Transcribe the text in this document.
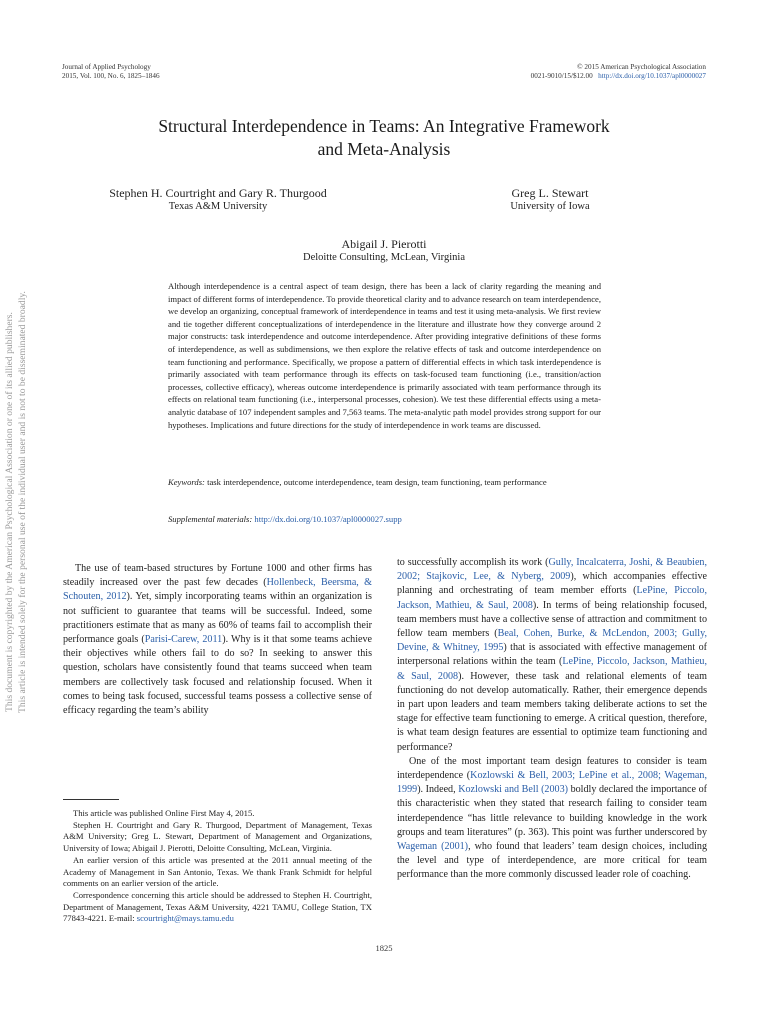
Journal of Applied Psychology
2015, Vol. 100, No. 6, 1825–1846
© 2015 American Psychological Association
0021-9010/15/$12.00 http://dx.doi.org/10.1037/apl0000027
Structural Interdependence in Teams: An Integrative Framework
and Meta-Analysis
Stephen H. Courtright and Gary R. Thurgood
Texas A&M University
Greg L. Stewart
University of Iowa
Abigail J. Pierotti
Deloitte Consulting, McLean, Virginia
Although interdependence is a central aspect of team design, there has been a lack of clarity regarding the meaning and impact of different forms of interdependence. To provide theoretical clarity and to advance research on team interdependence, we develop an organizing, conceptual framework of interdependence in teams and test it using meta-analysis. We first review and tie together different conceptualizations of interdependence in the literature and illustrate how they converge around 2 major constructs: task interdependence and outcome interdependence. After providing integrative definitions of these forms of interdependence, as well as subdimensions, we then explore the relative effects of task and outcome interdependence on team functioning and performance. Specifically, we propose a pattern of differential effects in which task interdependence is primarily associated with team performance through its effects on task-focused team functioning (i.e., transition/action processes, collective efficacy), whereas outcome interdependence is primarily associated with team performance through its effects on relational team functioning (i.e., interpersonal processes, cohesion). We test these differential effects using a meta-analytic database of 107 independent samples and 7,563 teams. The meta-analytic path model provides strong support for our hypotheses. Implications and future directions for the study of interdependence in work teams are discussed.
Keywords: task interdependence, outcome interdependence, team design, team functioning, team performance
Supplemental materials: http://dx.doi.org/10.1037/apl0000027.supp

The use of team-based structures by Fortune 1000 and other firms has steadily increased over the past few decades (Hollenbeck, Beersma, & Schouten, 2012). Yet, simply incorporating teams within an organization is not sufficient to guarantee that teams will be successful. Indeed, some practitioners estimate that as many as 60% of teams fail to accomplish their performance goals (Parisi-Carew, 2011). Why is it that some teams achieve their objectives while others fail to do so? In seeking to answer this question, scholars have consistently found that teams succeed when team members are collectively task focused and relationship focused. When it comes to being task focused, successful teams possess a collective sense of efficacy regarding the team’s ability

to successfully accomplish its work (Gully, Incalcaterra, Joshi, & Beaubien, 2002; Stajkovic, Lee, & Nyberg, 2009), which accompanies effective planning and orchestrating of team member efforts (LePine, Piccolo, Jackson, Mathieu, & Saul, 2008). In terms of being relationship focused, team members must have a collective sense of attraction and commitment to fellow team members (Beal, Cohen, Burke, & McLendon, 2003; Gully, Devine, & Whitney, 1995) that is associated with effective management of interpersonal relations within the team (LePine, Piccolo, Jackson, Mathieu, & Saul, 2008). However, these task and relational elements of team functioning do not develop automatically. Rather, their emergence depends in part upon leaders and team members taking deliberate actions to set the stage for effective team functioning to emerge. A critical question, therefore, is what team design features are essential to optimize team functioning and performance?

One of the most important team design features to consider is team interdependence (Kozlowski & Bell, 2003; LePine et al., 2008; Wageman, 1999). Indeed, Kozlowski and Bell (2003) boldly declared the importance of this characteristic when they stated that research failing to consider team interdependence “has little relevance to building knowledge in the work groups and team literatures” (p. 363). This point was further underscored by Wageman (2001), who found that leaders’ team design choices, including the level and type of interdependence, are more critical for team performance than the more commonly discussed leader role of coaching.

This article was published Online First May 4, 2015.

Stephen H. Courtright and Gary R. Thurgood, Department of Management, Texas A&M University; Greg L. Stewart, Department of Management and Organizations, University of Iowa; Abigail J. Pierotti, Deloitte Consulting, McLean, Virginia.

An earlier version of this article was presented at the 2011 annual meeting of the Academy of Management in San Antonio, Texas. We thank Frank Schmidt for helpful comments on an earlier version of the article.

Correspondence concerning this article should be addressed to Stephen H. Courtright, Department of Management, Texas A&M University, 4221 TAMU, College Station, TX 77843-4221. E-mail: scourtright@mays.tamu.edu

1825
This document is copyrighted by the American Psychological Association or one of its allied publishers. This article is intended solely for the personal use of the individual user and is not to be disseminated broadly.
